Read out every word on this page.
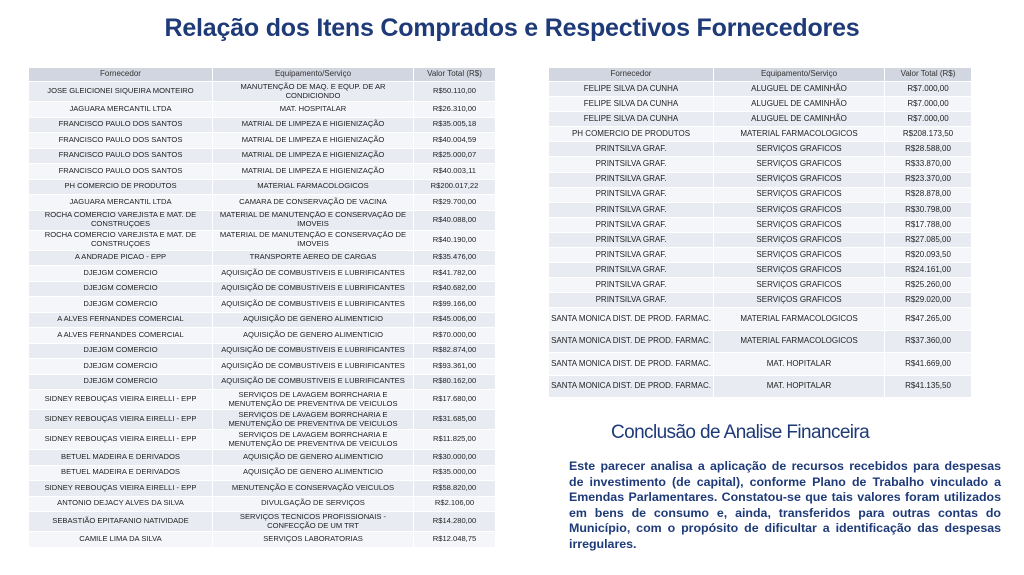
Relação dos Itens Comprados e Respectivos Fornecedores
Fornecedor	Equipamento/Serviço	Valor Total (R$)
JOSE GLEICIONEI SIQUEIRA MONTEIRO	MANUTENÇÃO DE MAQ. E EQUP. DE AR CONDICIONDO	R$50.110,00
JAGUARA MERCANTIL LTDA	MAT. HOSPITALAR	R$26.310,00
FRANCISCO PAULO DOS SANTOS	MATRIAL DE LIMPEZA E HIGIENIZAÇÃO	R$35.005,18
FRANCISCO PAULO DOS SANTOS	MATRIAL DE LIMPEZA E HIGIENIZAÇÃO	R$40.004,59
FRANCISCO PAULO DOS SANTOS	MATRIAL DE LIMPEZA E HIGIENIZAÇÃO	R$25.000,07
FRANCISCO PAULO DOS SANTOS	MATRIAL DE LIMPEZA E HIGIENIZAÇÃO	R$40.003,11
PH COMERCIO DE PRODUTOS	MATERIAL FARMACOLOGICOS	R$200.017,22
JAGUARA MERCANTIL LTDA	CAMARA DE CONSERVAÇÃO DE VACINA	R$29.700,00
ROCHA COMERCIO VAREJISTA E MAT. DE CONSTRUÇOES	MATERIAL DE MANUTENÇÃO E CONSERVAÇÃO DE IMOVEIS	R$40.088,00
ROCHA COMERCIO VAREJISTA E MAT. DE CONSTRUÇOES	MATERIAL DE MANUTENÇÃO E CONSERVAÇÃO DE IMOVEIS	R$40.190,00
A ANDRADE PICAO - EPP	TRANSPORTE AEREO DE CARGAS	R$35.476,00
DJEJGM COMERCIO	AQUISIÇÃO DE COMBUSTIVEIS E LUBRIFICANTES	R$41.782,00
DJEJGM COMERCIO	AQUISIÇÃO DE COMBUSTIVEIS E LUBRIFICANTES	R$40.682,00
DJEJGM COMERCIO	AQUISIÇÃO DE COMBUSTIVEIS E LUBRIFICANTES	R$99.166,00
A ALVES FERNANDES COMERCIAL	AQUISIÇÃO DE GENERO ALIMENTICIO	R$45.006,00
A ALVES FERNANDES COMERCIAL	AQUISIÇÃO DE GENERO ALIMENTICIO	R$70.000,00
DJEJGM COMERCIO	AQUISIÇÃO DE COMBUSTIVEIS E LUBRIFICANTES	R$82.874,00
DJEJGM COMERCIO	AQUISIÇÃO DE COMBUSTIVEIS E LUBRIFICANTES	R$93.361,00
DJEJGM COMERCIO	AQUISIÇÃO DE COMBUSTIVEIS E LUBRIFICANTES	R$80.162,00
SIDNEY REBOUÇAS VIEIRA EIRELLI - EPP	SERVIÇOS DE LAVAGEM BORRCHARIA E MENUTENÇÃO DE PREVENTIVA DE VEICULOS	R$17.680,00
SIDNEY REBOUÇAS VIEIRA EIRELLI - EPP	SERVIÇOS DE LAVAGEM BORRCHARIA E MENUTENÇÃO DE PREVENTIVA DE VEICULOS	R$31.685,00
SIDNEY REBOUÇAS VIEIRA EIRELLI - EPP	SERVIÇOS DE LAVAGEM BORRCHARIA E MENUTENÇÃO DE PREVENTIVA DE VEICULOS	R$11.825,00
BETUEL MADEIRA E DERIVADOS	AQUISIÇÃO DE GENERO ALIMENTICIO	R$30.000,00
BETUEL MADEIRA E DERIVADOS	AQUISIÇÃO DE GENERO ALIMENTICIO	R$35.000,00
SIDNEY REBOUÇAS VIEIRA EIRELLI - EPP	MENUTENÇÃO E CONSERVAÇÃO VEICULOS	R$58.820,00
ANTONIO DEJACY ALVES DA SILVA	DIVULGAÇÃO DE SERVIÇOS	R$2.106,00
SEBASTIÃO EPITAFANIO NATIVIDADE	SERVIÇOS TECNICOS PROFISSIONAIS - CONFECÇÃO DE UM TRT	R$14.280,00
CAMILE LIMA DA SILVA	SERVIÇOS LABORATORIAS	R$12.048,75
Fornecedor	Equipamento/Serviço	Valor Total (R$)
FELIPE SILVA DA CUNHA	ALUGUEL DE CAMINHÃO	R$7.000,00
FELIPE SILVA DA CUNHA	ALUGUEL DE CAMINHÃO	R$7.000,00
FELIPE SILVA DA CUNHA	ALUGUEL DE CAMINHÃO	R$7.000,00
PH COMERCIO DE PRODUTOS	MATERIAL FARMACOLOGICOS	R$208.173,50
PRINTSILVA GRAF.	SERVIÇOS GRAFICOS	R$28.588,00
PRINTSILVA GRAF.	SERVIÇOS GRAFICOS	R$33.870,00
PRINTSILVA GRAF.	SERVIÇOS GRAFICOS	R$23.370,00
PRINTSILVA GRAF.	SERVIÇOS GRAFICOS	R$28.878,00
PRINTSILVA GRAF.	SERVIÇOS GRAFICOS	R$30.798,00
PRINTSILVA GRAF.	SERVIÇOS GRAFICOS	R$17.788,00
PRINTSILVA GRAF.	SERVIÇOS GRAFICOS	R$27.085,00
PRINTSILVA GRAF.	SERVIÇOS GRAFICOS	R$20.093,50
PRINTSILVA GRAF.	SERVIÇOS GRAFICOS	R$24.161,00
PRINTSILVA GRAF.	SERVIÇOS GRAFICOS	R$25.260,00
PRINTSILVA GRAF.	SERVIÇOS GRAFICOS	R$29.020,00
SANTA MONICA DIST. DE PROD. FARMAC.	MATERIAL FARMACOLOGICOS	R$47.265,00
SANTA MONICA DIST. DE PROD. FARMAC.	MATERIAL FARMACOLOGICOS	R$37.360,00
SANTA MONICA DIST. DE PROD. FARMAC.	MAT. HOPITALAR	R$41.669,00
SANTA MONICA DIST. DE PROD. FARMAC.	MAT. HOPITALAR	R$41.135,50
Conclusão de Analise Financeira

Este parecer analisa a aplicação de recursos recebidos para despesas de investimento (de capital), conforme Plano de Trabalho vinculado a Emendas Parlamentares. Constatou-se que tais valores foram utilizados em bens de consumo e, ainda, transferidos para outras contas do Município, com o propósito de dificultar a identificação das despesas irregulares.
